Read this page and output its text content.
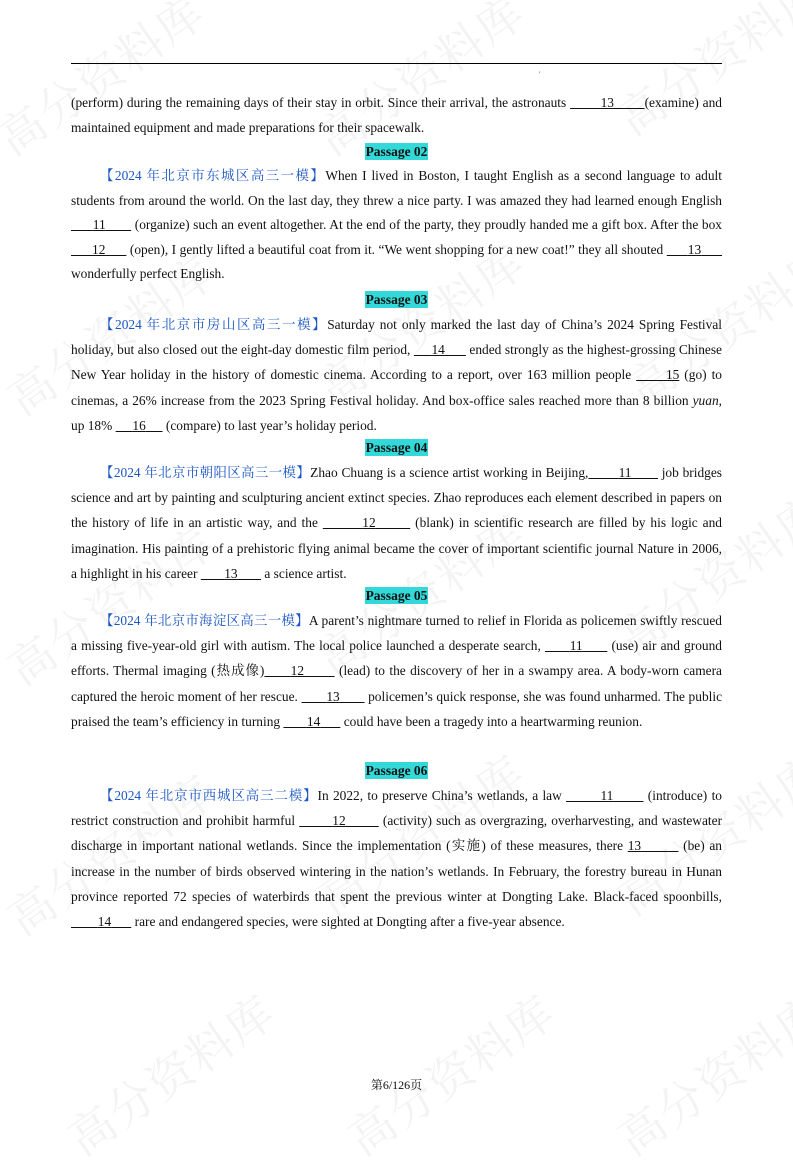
'
(perform) during the remaining days of their stay in orbit. Since their arrival, the astronauts         13 (examine) and maintained equipment and made preparations for their spacewalk.
Passage 02
【2024 年北京市东城区高三一模】When I lived in Boston, I taught English as a second language to adult students from around the world. On the last day, they threw a nice party. I was amazed they had learned enough English       11        (organize) such an event altogether. At the end of the party, they proudly handed me a gift box. After the box       12       (open), I gently lifted a beautiful coat from it. “We went shopping for a new coat!” they all shouted       13       wonderfully perfect English.
Passage 03
【2024 年北京市房山区高三一模】Saturday not only marked the last day of China’s 2024 Spring Festival holiday, but also closed out the eight-day domestic film period,      14       ended strongly as the highest-grossing Chinese New Year holiday in the history of domestic cinema. According to a report, over 163 million people       15 (go) to cinemas, a 26% increase from the 2023 Spring Festival holiday. And box-office sales reached more than 8 billion yuan, up 18%      16      (compare) to last year’s holiday period.
Passage 04
【2024 年北京市朝阳区高三一模】Zhao Chuang is a science artist working in Beijing, 11        job bridges science and art by painting and sculpturing ancient extinct species. Zhao reproduces each element described in papers on the history of life in an artistic way, and the	12	(blank) in scientific research are filled by his logic and imagination. His painting of a prehistoric flying animal became the cover of important scientific journal Nature in 2006, a highlight in his career        13        a science artist.
Passage 05
【2024 年北京市海淀区高三一模】A parent’s nightmare turned to relief in Florida as policemen swiftly rescued a missing five-year-old girl with autism. The local police launched a desperate search,       11       (use) air and ground efforts. Thermal imaging (热成像) 12        (lead) to the discovery of her in a swampy area. A body-worn camera captured the heroic moment of her rescue.        13        policemen’s quick response, she was found unharmed. The public praised the team’s efficiency in turning        14       could have been a tragedy into a heartwarming reunion.
Passage 06
【2024 年北京市西城区高三二模】In 2022, to preserve China’s wetlands, a law	11        (introduce) to restrict construction and prohibit harmful         12         (activity) such as overgrazing, overharvesting, and wastewater discharge in important national wetlands. Since the implementation (实施) of these measures, there 13	(be) an increase in the number of birds observed wintering in the nation’s wetlands. In February, the forestry bureau in Hunan province reported 72 species of waterbirds that spent the previous winter at Dongting Lake. Black-faced spoonbills,         14       rare and endangered species, were sighted at Dongting after a five-year absence.
第6/126页
